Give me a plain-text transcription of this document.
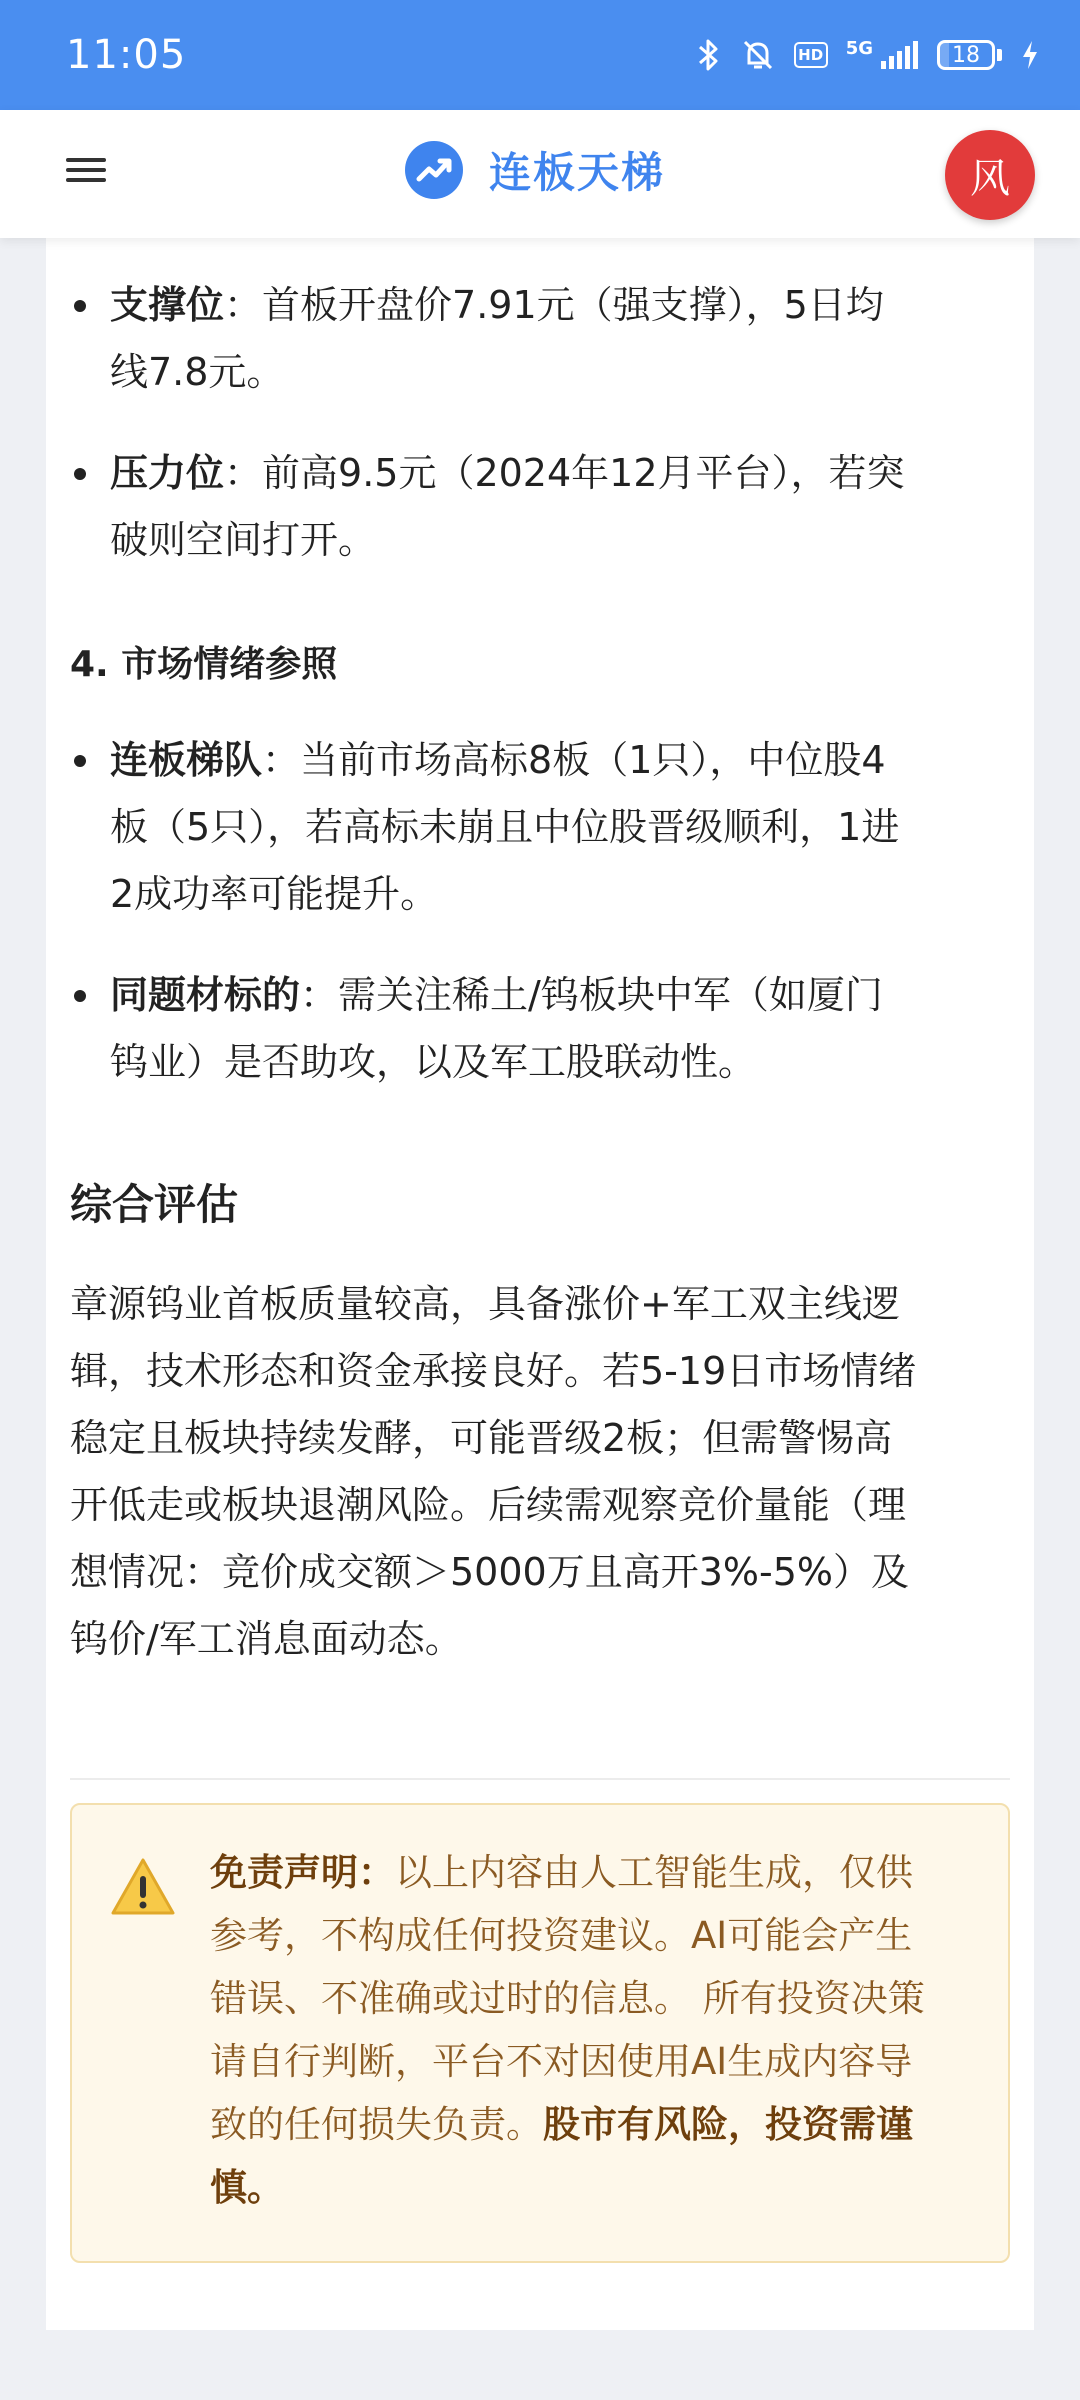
11:05	HD 5G	18
连板天梯	风
支撑位：首板开盘价7.91元（强支撑），5日均
线7.8元。
压力位：前高9.5元（2024年12月平台），若突
破则空间打开。
4. 市场情绪参照
连板梯队：当前市场高标8板（1只），中位股4
板（5只），若高标未崩且中位股晋级顺利，1进
2成功率可能提升。
同题材标的：需关注稀土/钨板块中军（如厦门
钨业）是否助攻，以及军工股联动性。
综合评估
章源钨业首板质量较高，具备涨价+军工双主线逻
辑，技术形态和资金承接良好。若5-19日市场情绪
稳定且板块持续发酵，可能晋级2板；但需警惕高
开低走或板块退潮风险。后续需观察竞价量能（理
想情况：竞价成交额＞5000万且高开3%-5%）及
钨价/军工消息面动态。
免责声明：以上内容由人工智能生成，仅供
参考，不构成任何投资建议。AI可能会产生
错误、不准确或过时的信息。 所有投资决策
请自行判断，平台不对因使用AI生成内容导
致的任何损失负责。股市有风险，投资需谨
慎。
